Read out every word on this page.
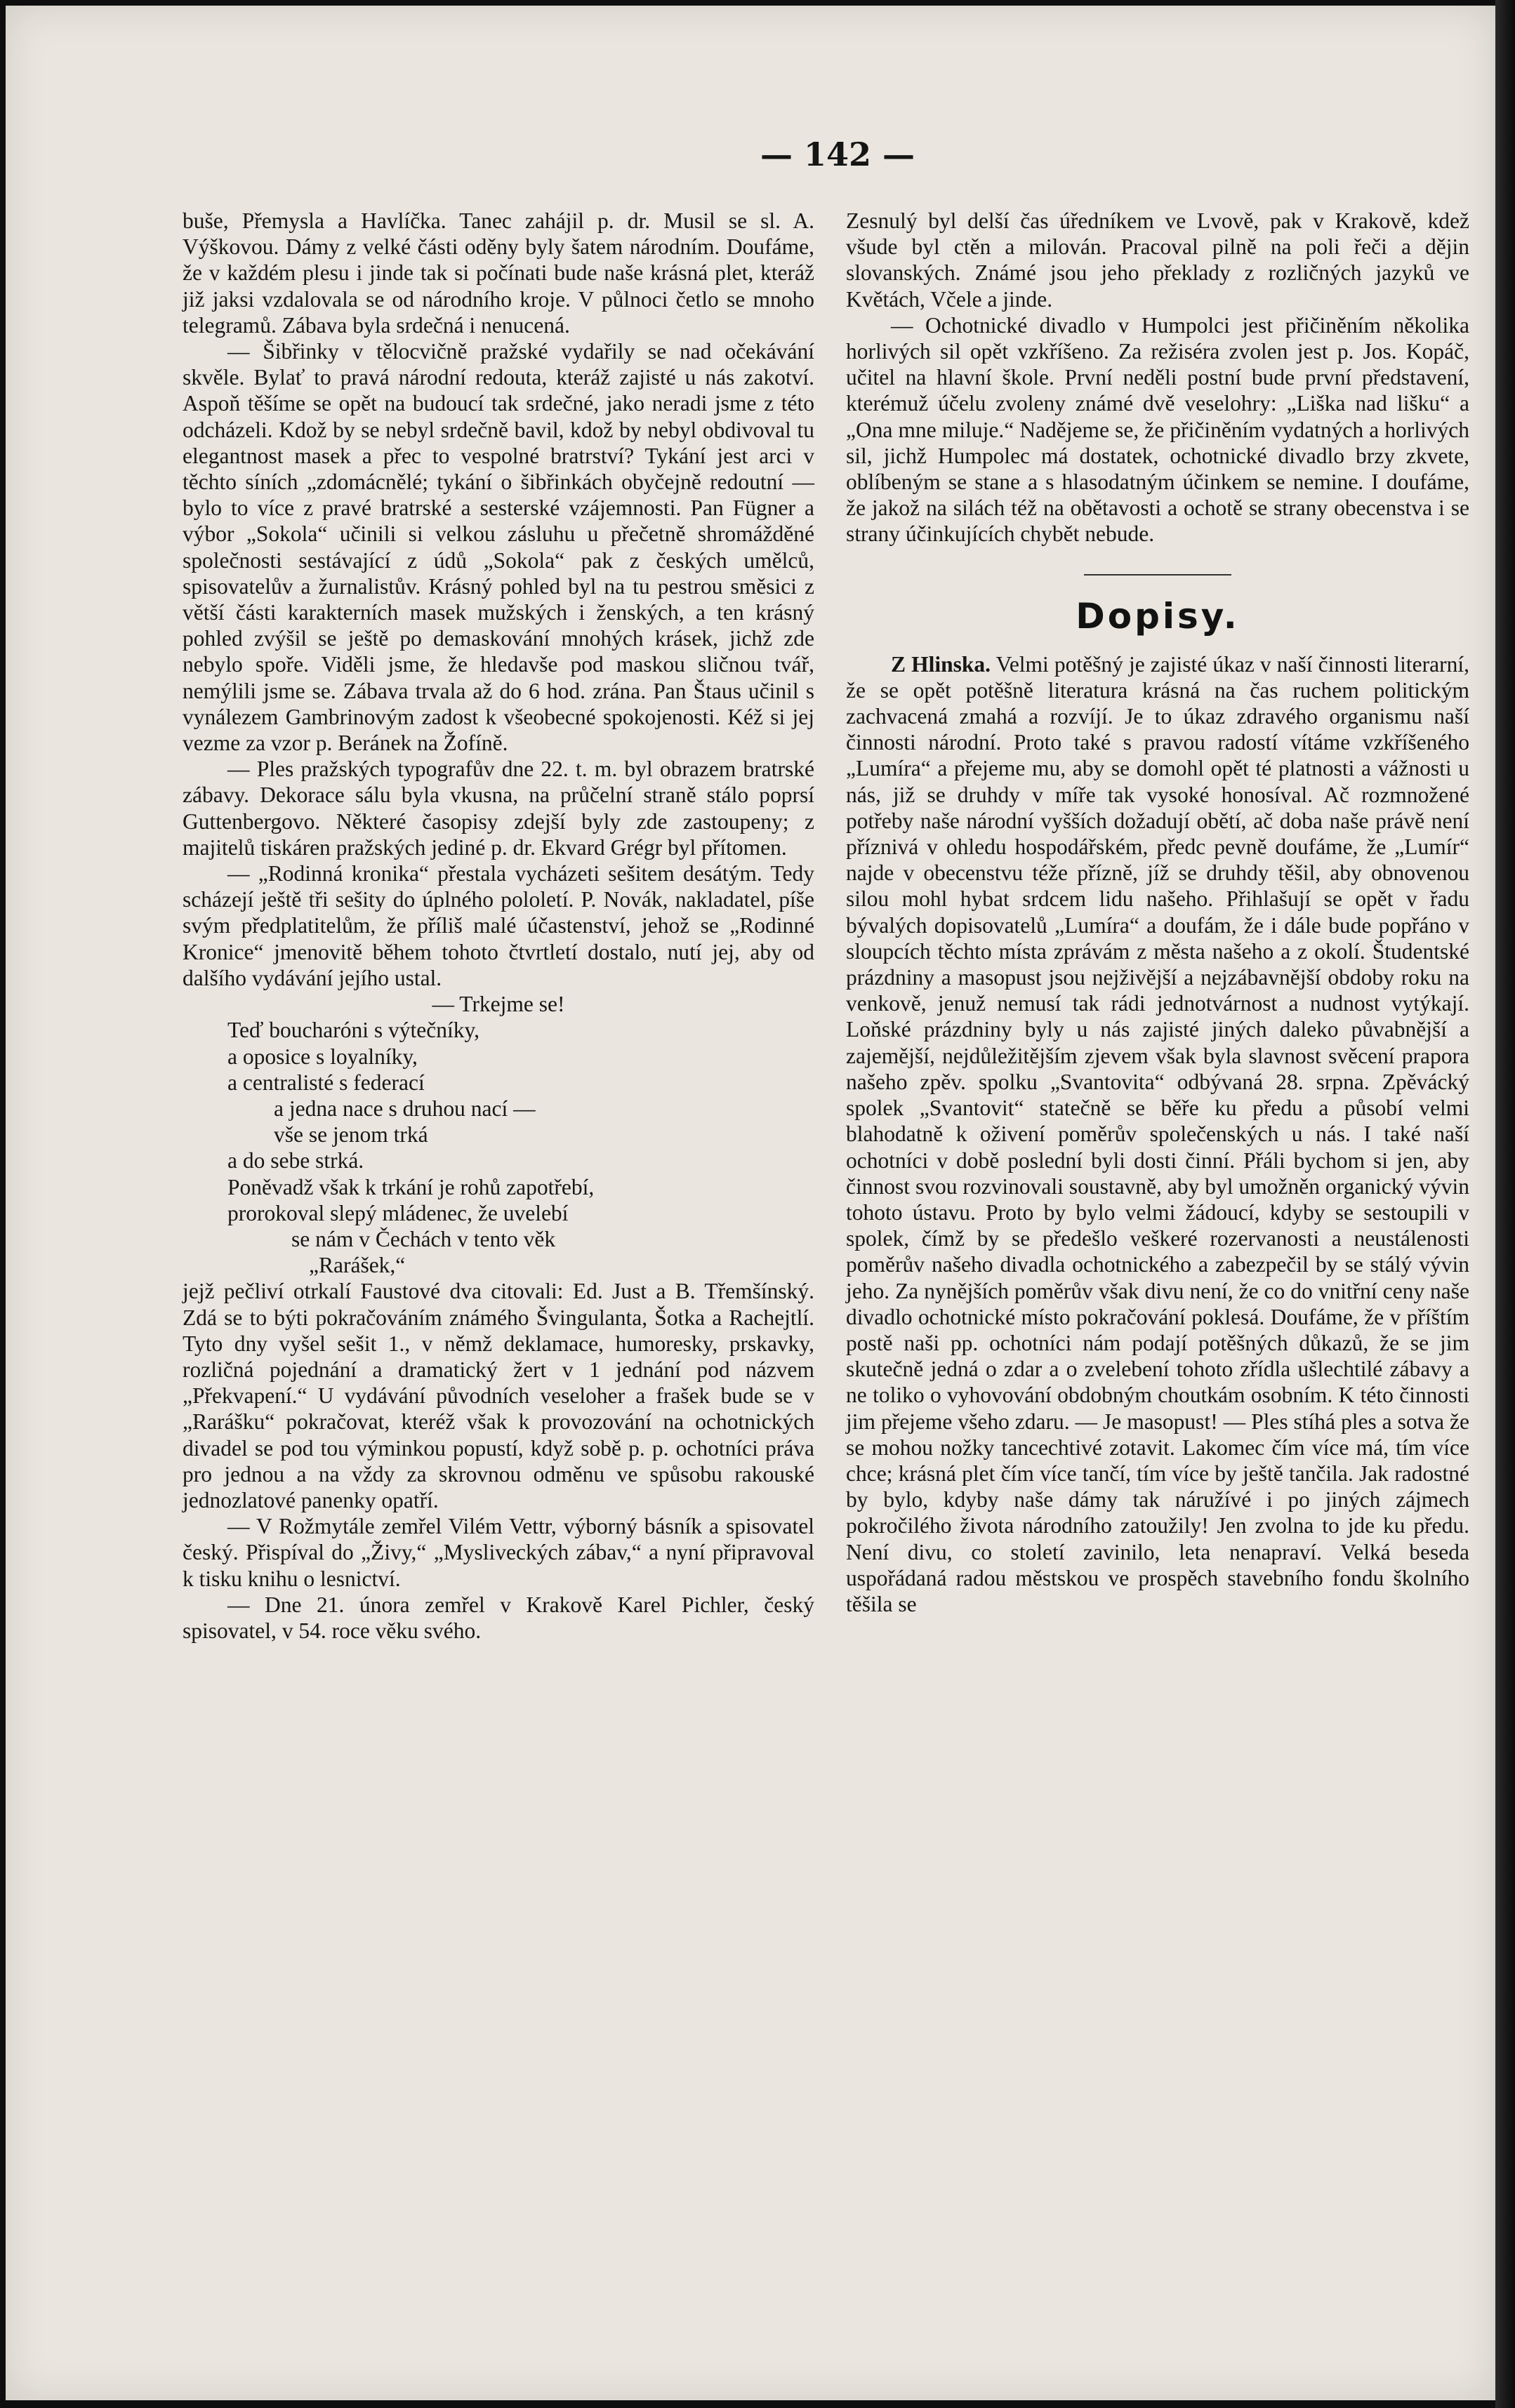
— 142 —

buše, Přemysla a Havlíčka. Tanec zahájil p. dr. Musil se sl. A. Výškovou. Dámy z velké části oděny byly šatem národním. Doufáme, že v každém plesu i jinde tak si počínati bude naše krásná plet, kteráž již jaksi vzdalovala se od národního kroje. V půlnoci četlo se mnoho telegramů. Zábava byla srdečná i nenucená.

— Šibřinky v tělocvičně pražské vydařily se nad očekávání skvěle. Bylať to pravá národní redouta, kteráž zajisté u nás zakotví. Aspoň těšíme se opět na budoucí tak srdečné, jako neradi jsme z této odcházeli. Kdož by se nebyl srdečně bavil, kdož by nebyl obdivoval tu elegantnost masek a přec to vespolné bratrství? Tykání jest arci v těchto síních „zdomácnělé; tykání o šibřinkách obyčejně redoutní — bylo to více z pravé bratrské a sesterské vzájemnosti. Pan Fügner a výbor „Sokola“ učinili si velkou zásluhu u přečetně shromážděné společnosti sestávající z údů „Sokola“ pak z českých umělců, spisovatelův a žurnalistův. Krásný pohled byl na tu pestrou směsici z větší části karakterních masek mužských i ženských, a ten krásný pohled zvýšil se ještě po demaskování mnohých krásek, jichž zde nebylo spoře. Viděli jsme, že hledavše pod maskou sličnou tvář, nemýlili jsme se. Zábava trvala až do 6 hod. zrána. Pan Štaus učinil s vynálezem Gambrinovým zadost k všeobecné spokojenosti. Kéž si jej vezme za vzor p. Beránek na Žofíně.

— Ples pražských typografův dne 22. t. m. byl obrazem bratrské zábavy. Dekorace sálu byla vkusna, na průčelní straně stálo poprsí Guttenbergovo. Některé časopisy zdejší byly zde zastoupeny; z majitelů tiskáren pražských jediné p. dr. Ekvard Grégr byl přítomen.

— „Rodinná kronika“ přestala vycházeti sešitem desátým. Tedy scházejí ještě tři sešity do úplného pololetí. P. Novák, nakladatel, píše svým předplatitelům, že příliš malé účastenství, jehož se „Rodinné Kronice“ jmenovitě během tohoto čtvrtletí dostalo, nutí jej, aby od dalšího vydávání jejího ustal.

— Trkejme se!

Teď boucharóni s výtečníky,
a oposice s loyalníky,
a centralisté s federací
a jedna nace s druhou nací —
vše se jenom trká
a do sebe strká.
Poněvadž však k trkání je rohů zapotřebí,
prorokoval slepý mládenec, že uvelebí
se nám v Čechách v tento věk
„Rarášek,“

jejž pečliví otrkalí Faustové dva citovali: Ed. Just a B. Třemšínský. Zdá se to býti pokračováním známého Švingulanta, Šotka a Rachejtlí. Tyto dny vyšel sešit 1., v němž deklamace, humoresky, prskavky, rozličná pojednání a dramatický žert v 1 jednání pod názvem „Překvapení.“ U vydávání původních veseloher a frašek bude se v „Rarášku“ pokračovat, kteréž však k provozování na ochotnických divadel se pod tou výminkou popustí, když sobě p. p. ochotníci práva pro jednou a na vždy za skrovnou odměnu ve spůsobu rakouské jednozlatové panenky opatří.

— V Rožmytále zemřel Vilém Vettr, výborný básník a spisovatel český. Přispíval do „Živy,“ „Mysliveckých zábav,“ a nyní připravoval k tisku knihu o lesnictví.

— Dne 21. února zemřel v Krakově Karel Pichler, český spisovatel, v 54. roce věku svého.

Zesnulý byl delší čas úředníkem ve Lvově, pak v Krakově, kdež všude byl ctěn a milován. Pracoval pilně na poli řeči a dějin slovanských. Známé jsou jeho překlady z rozličných jazyků ve Květách, Včele a jinde.

— Ochotnické divadlo v Humpolci jest přičiněním několika horlivých sil opět vzkříšeno. Za režiséra zvolen jest p. Jos. Kopáč, učitel na hlavní škole. První neděli postní bude první představení, kterémuž účelu zvoleny známé dvě veselohry: „Liška nad lišku“ a „Ona mne miluje.“ Nadějeme se, že přičiněním vydatných a horlivých sil, jichž Humpolec má dostatek, ochotnické divadlo brzy zkvete, oblíbeným se stane a s hlasodatným účinkem se nemine. I doufáme, že jakož na silách též na obětavosti a ochotě se strany obecenstva i se strany účinkujících chybět nebude.

Dopisy.

Z Hlinska. Velmi potěšný je zajisté úkaz v naší činnosti literarní, že se opět potěšně literatura krásná na čas ruchem politickým zachvacená zmahá a rozvíjí. Je to úkaz zdravého organismu naší činnosti národní. Proto také s pravou radostí vítáme vzkříšeného „Lumíra“ a přejeme mu, aby se domohl opět té platnosti a vážnosti u nás, již se druhdy v míře tak vysoké honosíval. Ač rozmnožené potřeby naše národní vyšších dožadují obětí, ač doba naše právě není příznivá v ohledu hospodářském, předc pevně doufáme, že „Lumír“ najde v obecenstvu téže přízně, jíž se druhdy těšil, aby obnovenou silou mohl hybat srdcem lidu našeho. Přihlašují se opět v řadu bývalých dopisovatelů „Lumíra“ a doufám, že i dále bude popřáno v sloupcích těchto místa zprávám z města našeho a z okolí. Študentské prázdniny a masopust jsou nejživější a nejzábavnější obdoby roku na venkově, jenuž nemusí tak rádi jednotvárnost a nudnost vytýkají. Loňské prázdniny byly u nás zajisté jiných daleko půvabnější a zajemější, nejdůležitějším zjevem však byla slavnost svěcení prapora našeho zpěv. spolku „Svantovita“ odbývaná 28. srpna. Zpěvácký spolek „Svantovit“ statečně se běře ku předu a působí velmi blahodatně k oživení poměrův společenských u nás. I také naší ochotníci v době poslední byli dosti činní. Přáli bychom si jen, aby činnost svou rozvinovali soustavně, aby byl umožněn organický vývin tohoto ústavu. Proto by bylo velmi žádoucí, kdyby se sestoupili v spolek, čímž by se předešlo veškeré rozervanosti a neustálenosti poměrův našeho divadla ochotnického a zabezpečil by se stálý vývin jeho. Za nynějších poměrův však divu není, že co do vnitřní ceny naše divadlo ochotnické místo pokračování poklesá. Doufáme, že v příštím postě naši pp. ochotníci nám podají potěšných důkazů, že se jim skutečně jedná o zdar a o zvelebení tohoto zřídla ušlechtilé zábavy a ne toliko o vyhovování obdobným choutkám osobním. K této činnosti jim přejeme všeho zdaru. — Je masopust! — Ples stíhá ples a sotva že se mohou nožky tancechtivé zotavit. Lakomec čím více má, tím více chce; krásná plet čím více tančí, tím více by ještě tančila. Jak radostné by bylo, kdyby naše dámy tak náružívé i po jiných zájmech pokročilého života národního zatoužily! Jen zvolna to jde ku předu. Není divu, co století zavinilo, leta nenapraví. Velká beseda uspořádaná radou městskou ve prospěch stavebního fondu školního těšila se
